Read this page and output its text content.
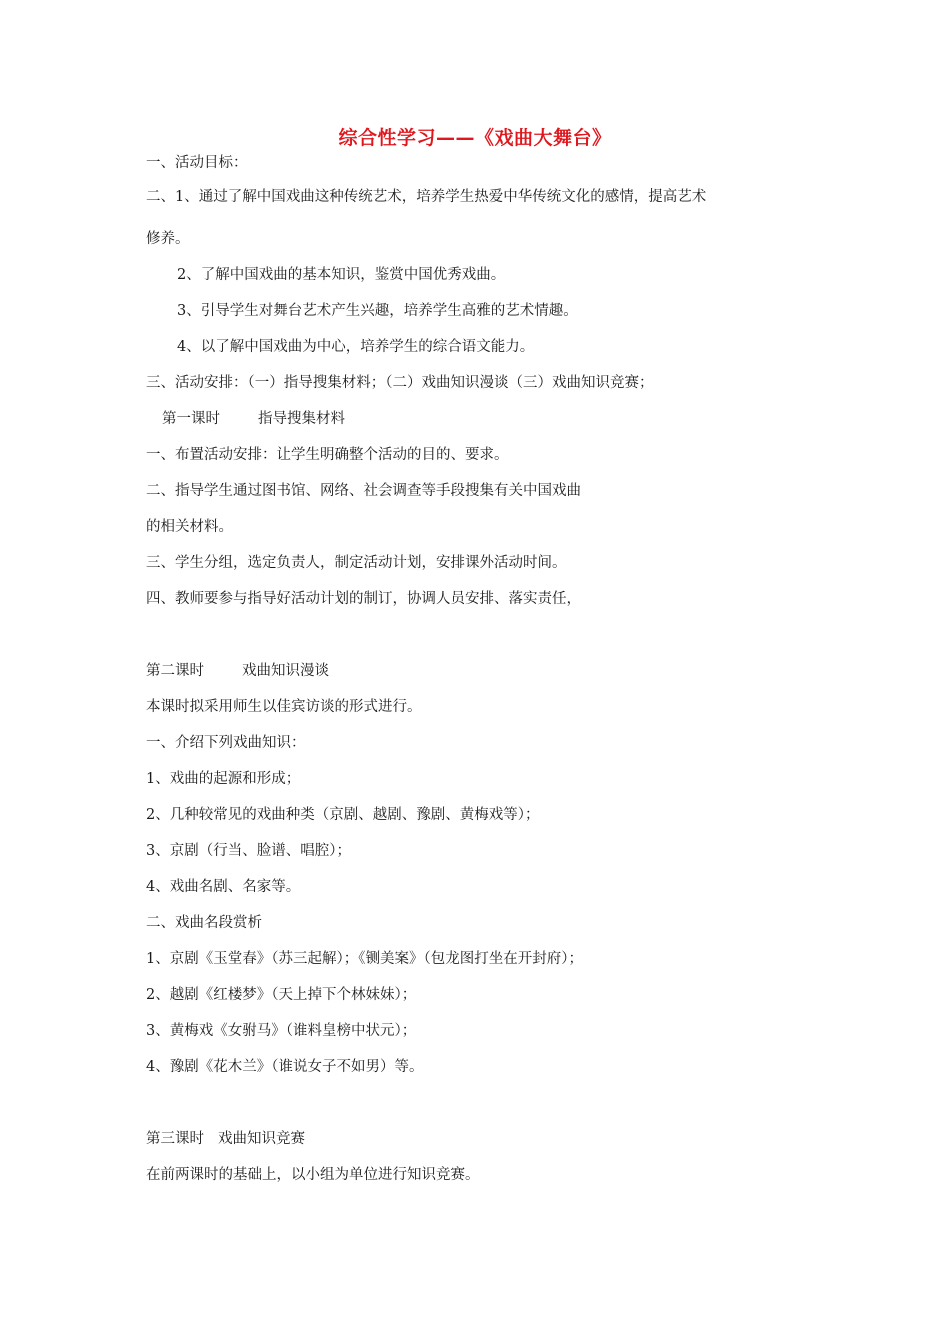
综合性学习——《戏曲大舞台》
一、活动目标：
二、1、通过了解中国戏曲这种传统艺术，培养学生热爱中华传统文化的感情，提高艺术
修养。
2、了解中国戏曲的基本知识，鉴赏中国优秀戏曲。
3、引导学生对舞台艺术产生兴趣，培养学生高雅的艺术情趣。
4、以了解中国戏曲为中心，培养学生的综合语文能力。
三、活动安排：（一）指导搜集材料；（二）戏曲知识漫谈（三）戏曲知识竞赛；
第一课时	指导搜集材料
一、布置活动安排：让学生明确整个活动的目的、要求。
二、指导学生通过图书馆、网络、社会调查等手段搜集有关中国戏曲
的相关材料。
三、学生分组，选定负责人，制定活动计划，安排课外活动时间。
四、教师要参与指导好活动计划的制订，协调人员安排、落实责任，
第二课时	戏曲知识漫谈
本课时拟采用师生以佳宾访谈的形式进行。
一、介绍下列戏曲知识：
1、戏曲的起源和形成；
2、几种较常见的戏曲种类（京剧、越剧、豫剧、黄梅戏等）；
3、京剧（行当、脸谱、唱腔）；
4、戏曲名剧、名家等。
二、戏曲名段赏析
1、京剧《玉堂春》（苏三起解）；《铡美案》（包龙图打坐在开封府）；
2、越剧《红楼梦》（天上掉下个林妹妹）；
3、黄梅戏《女驸马》（谁料皇榜中状元）；
4、豫剧《花木兰》（谁说女子不如男）等。
第三课时 戏曲知识竞赛
在前两课时的基础上，以小组为单位进行知识竞赛。
